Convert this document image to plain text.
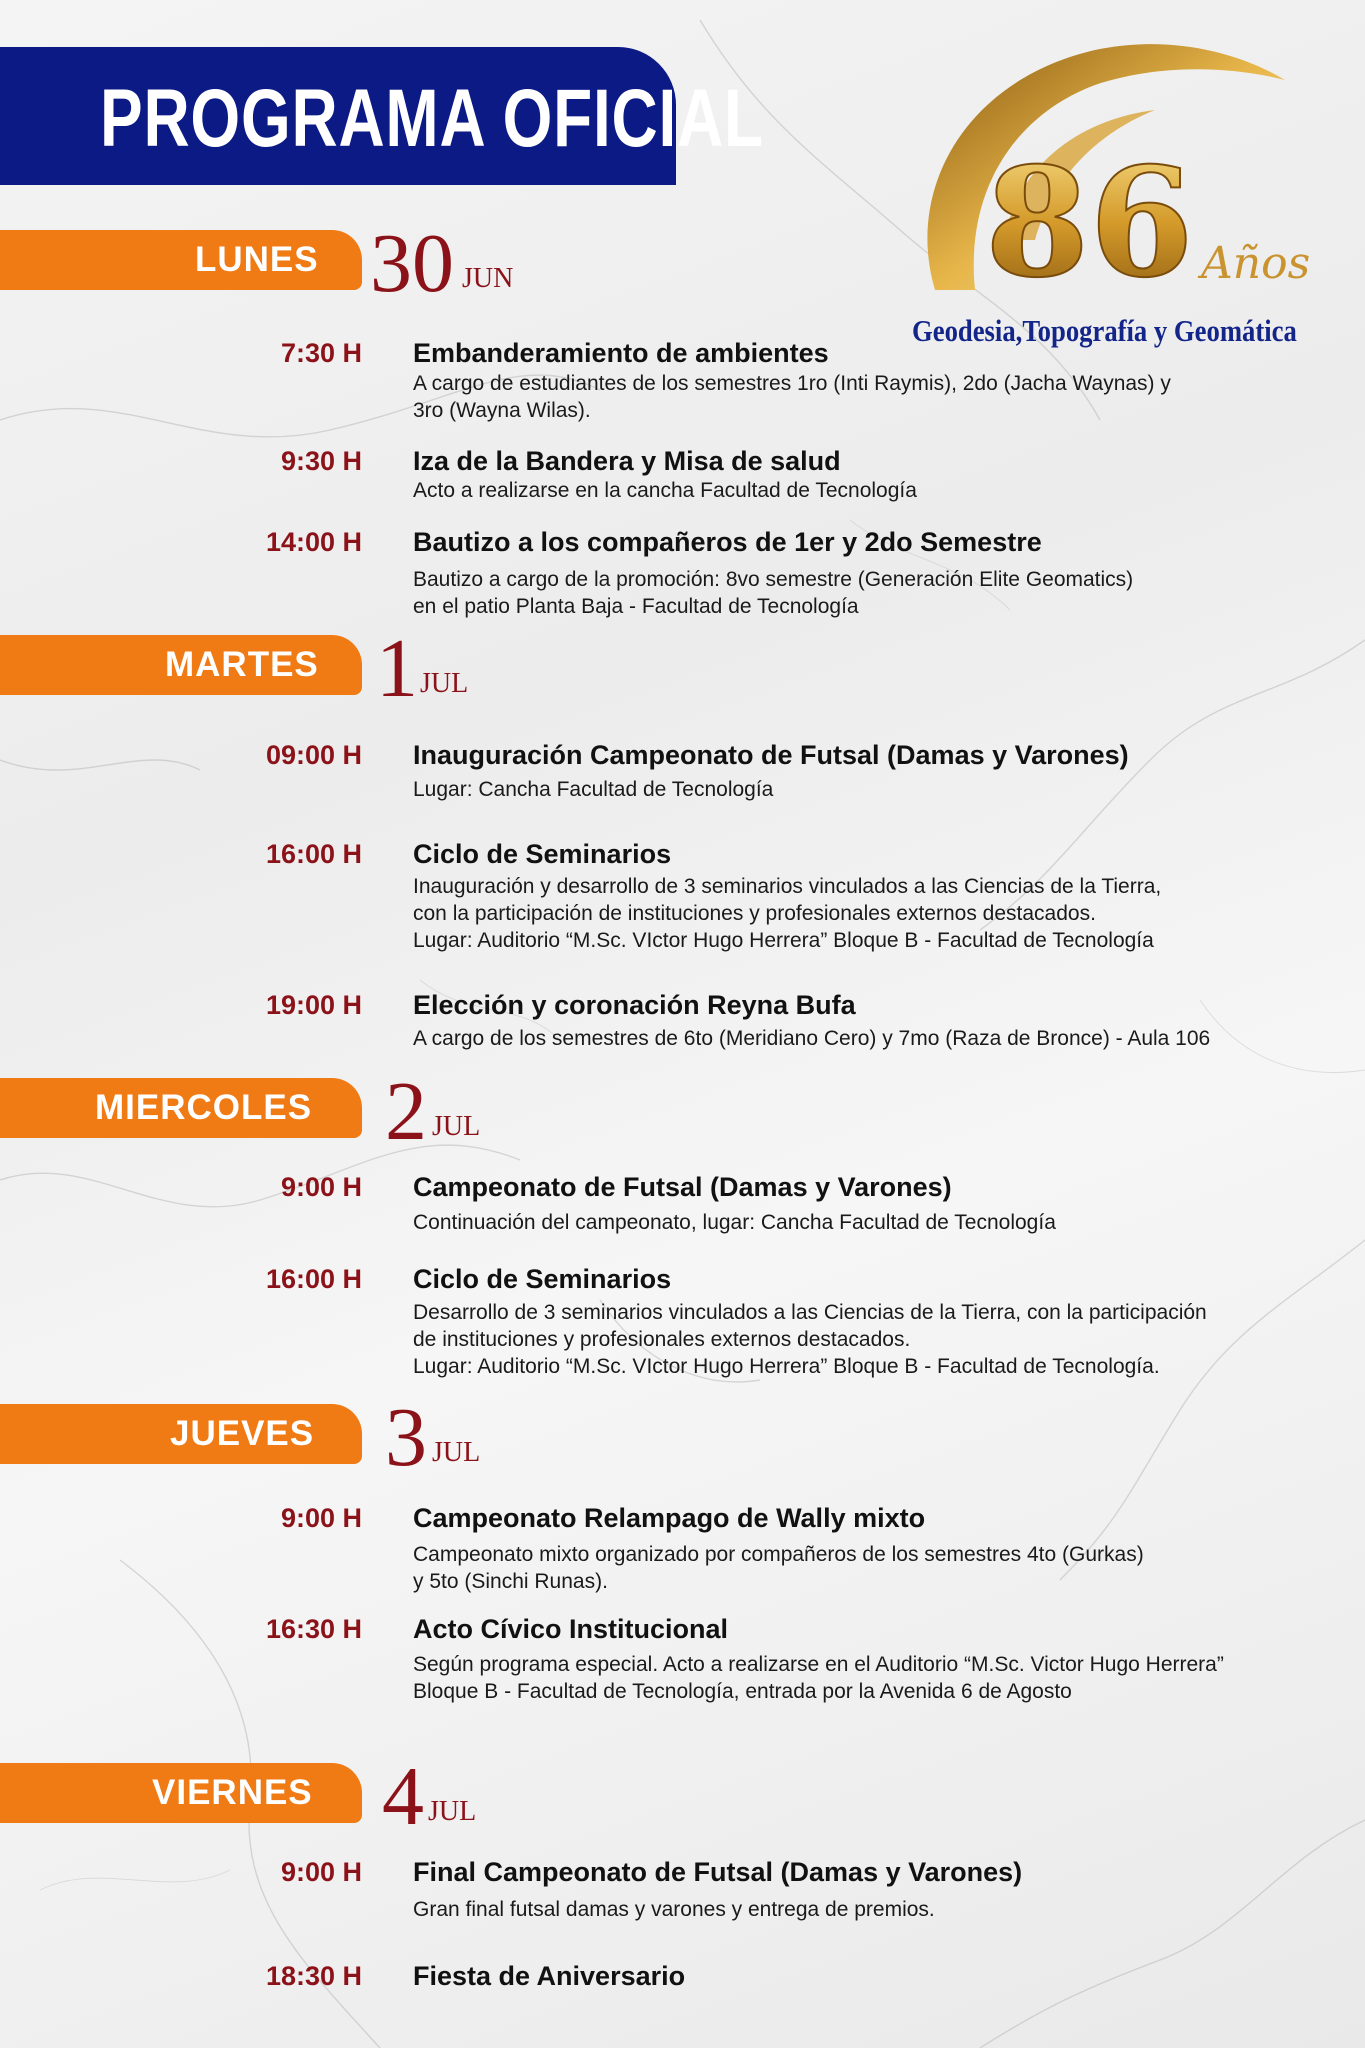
PROGRAMA OFICIAL
86 Años
Geodesia,Topografía y Geomática
LUNES 30 JUN
7:30 H Embanderamiento de ambientes
A cargo de estudiantes de los semestres 1ro (Inti Raymis), 2do (Jacha Waynas) y
3ro (Wayna Wilas).
9:30 H Iza de la Bandera y Misa de salud
Acto a realizarse en la cancha Facultad de Tecnología
14:00 H Bautizo a los compañeros de 1er y 2do Semestre
Bautizo a cargo de la promoción: 8vo semestre (Generación Elite Geomatics)
en el patio Planta Baja - Facultad de Tecnología
MARTES 1 JUL
09:00 H Inauguración Campeonato de Futsal (Damas y Varones)
Lugar: Cancha Facultad de Tecnología
16:00 H Ciclo de Seminarios
Inauguración y desarrollo de 3 seminarios vinculados a las Ciencias de la Tierra,
con la participación de instituciones y profesionales externos destacados.
Lugar: Auditorio “M.Sc. VIctor Hugo Herrera” Bloque B - Facultad de Tecnología
19:00 H Elección y coronación Reyna Bufa
A cargo de los semestres de 6to (Meridiano Cero) y 7mo (Raza de Bronce) - Aula 106
MIERCOLES 2 JUL
9:00 H Campeonato de Futsal (Damas y Varones)
Continuación del campeonato, lugar: Cancha Facultad de Tecnología
16:00 H Ciclo de Seminarios
Desarrollo de 3 seminarios vinculados a las Ciencias de la Tierra, con la participación
de instituciones y profesionales externos destacados.
Lugar: Auditorio “M.Sc. VIctor Hugo Herrera” Bloque B - Facultad de Tecnología.
JUEVES 3 JUL
9:00 H Campeonato Relampago de Wally mixto
Campeonato mixto organizado por compañeros de los semestres 4to (Gurkas)
y 5to (Sinchi Runas).
16:30 H Acto Cívico Institucional
Según programa especial. Acto a realizarse en el Auditorio “M.Sc. Victor Hugo Herrera”
Bloque B - Facultad de Tecnología, entrada por la Avenida 6 de Agosto
VIERNES 4 JUL
9:00 H Final Campeonato de Futsal (Damas y Varones)
Gran final futsal damas y varones y entrega de premios.
18:30 H Fiesta de Aniversario
